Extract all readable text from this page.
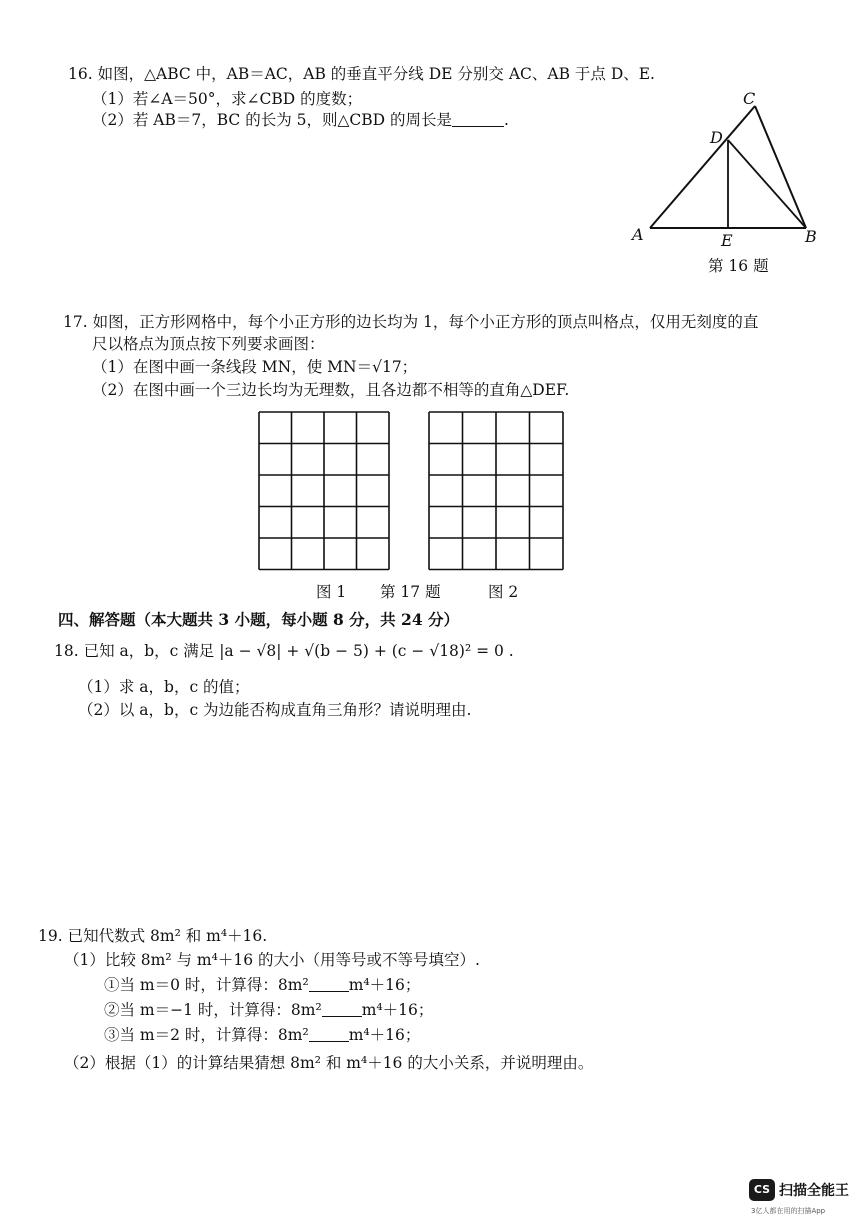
16. 如图，△ABC 中，AB＝AC，AB 的垂直平分线 DE 分别交 AC、AB 于点 D、E.
（1）若∠A＝50°，求∠CBD 的度数；
（2）若 AB＝7，BC 的长为 5，则△CBD 的周长是	.
C
D
A	E	B
第 16 题
17. 如图，正方形网格中，每个小正方形的边长均为 1，每个小正方形的顶点叫格点，仅用无刻度的直
尺以格点为顶点按下列要求画图：
（1）在图中画一条线段 MN，使 MN＝√17；
（2）在图中画一个三边长均为无理数，且各边都不相等的直角△DEF.
图 1 第 17 题	图 2
四、解答题（本大题共 3 小题，每小题 8 分，共 24 分）
18. 已知 a，b，c 满足 |a − √8| + √(b − 5) + (c − √18)² = 0 .
（1）求 a，b，c 的值；
（2）以 a，b，c 为边能否构成直角三角形？请说明理由.
19. 已知代数式 8m² 和 m⁴＋16.
（1）比较 8m² 与 m⁴＋16 的大小（用等号或不等号填空）.
①当 m＝0 时，计算得：8m²	m⁴＋16；
②当 m＝−1 时，计算得：8m²	m⁴＋16；
③当 m＝2 时，计算得：8m²	m⁴＋16；
（2）根据（1）的计算结果猜想 8m² 和 m⁴＋16 的大小关系，并说明理由。
CS 扫描全能王
3亿人都在用的扫描App
